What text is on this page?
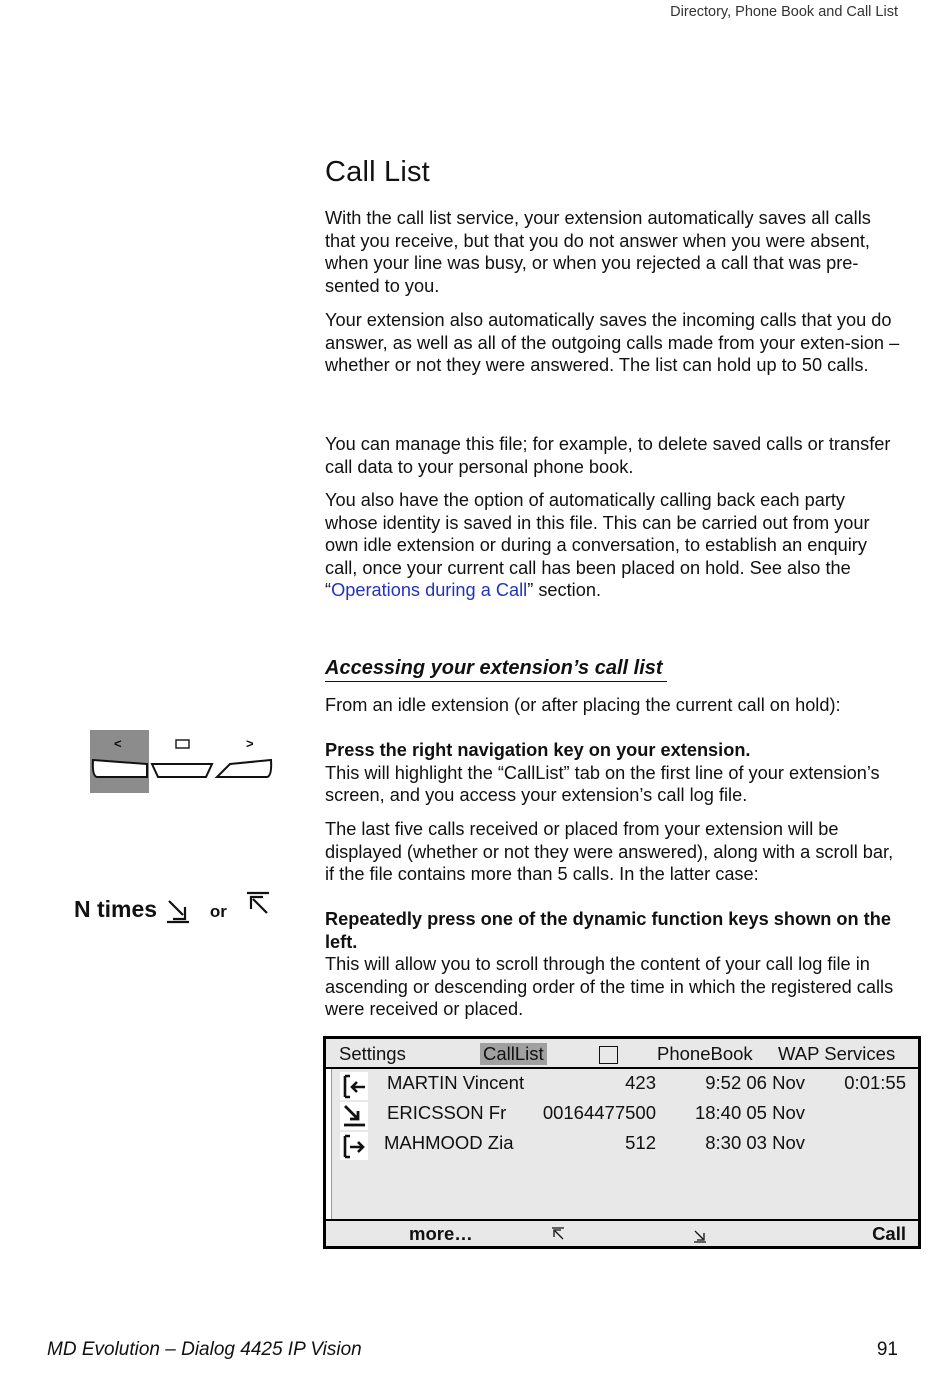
Directory, Phone Book and Call List
Call List

With the call list service, your extension automatically saves all calls that you receive, but that you do not answer when you were absent, when your line was busy, or when you rejected a call that was pre-sented to you.

Your extension also automatically saves the incoming calls that you do answer, as well as all of the outgoing calls made from your exten-sion – whether or not they were answered. The list can hold up to 50 calls.

You can manage this file; for example, to delete saved calls or transfer call data to your personal phone book.

You also have the option of automatically calling back each party whose identity is saved in this file. This can be carried out from your own idle extension or during a conversation, to establish an enquiry call, once your current call has been placed on hold. See also the “Operations during a Call” section.

Accessing your extension’s call list

From an idle extension (or after placing the current call on hold):

Press the right navigation key on your extension.
This will highlight the “CallList” tab on the first line of your extension’s screen, and you access your extension’s call log file.

The last five calls received or placed from your extension will be displayed (whether or not they were answered), along with a scroll bar, if the file contains more than 5 calls. In the latter case:

Repeatedly press one of the dynamic function keys shown on the left.
This will allow you to scroll through the content of your call log file in ascending or descending order of the time in which the registered calls were received or placed.

<	>
N times	or
Settings	CallList	PhoneBook WAP Services
MARTIN Vincent	423	9:52 06 Nov 0:01:55
ERICSSON Fr 00164477500 18:40 05 Nov
MAHMOOD Zia	512	8:30 03 Nov
more…	Call
MD Evolution – Dialog 4425 IP Vision	91
